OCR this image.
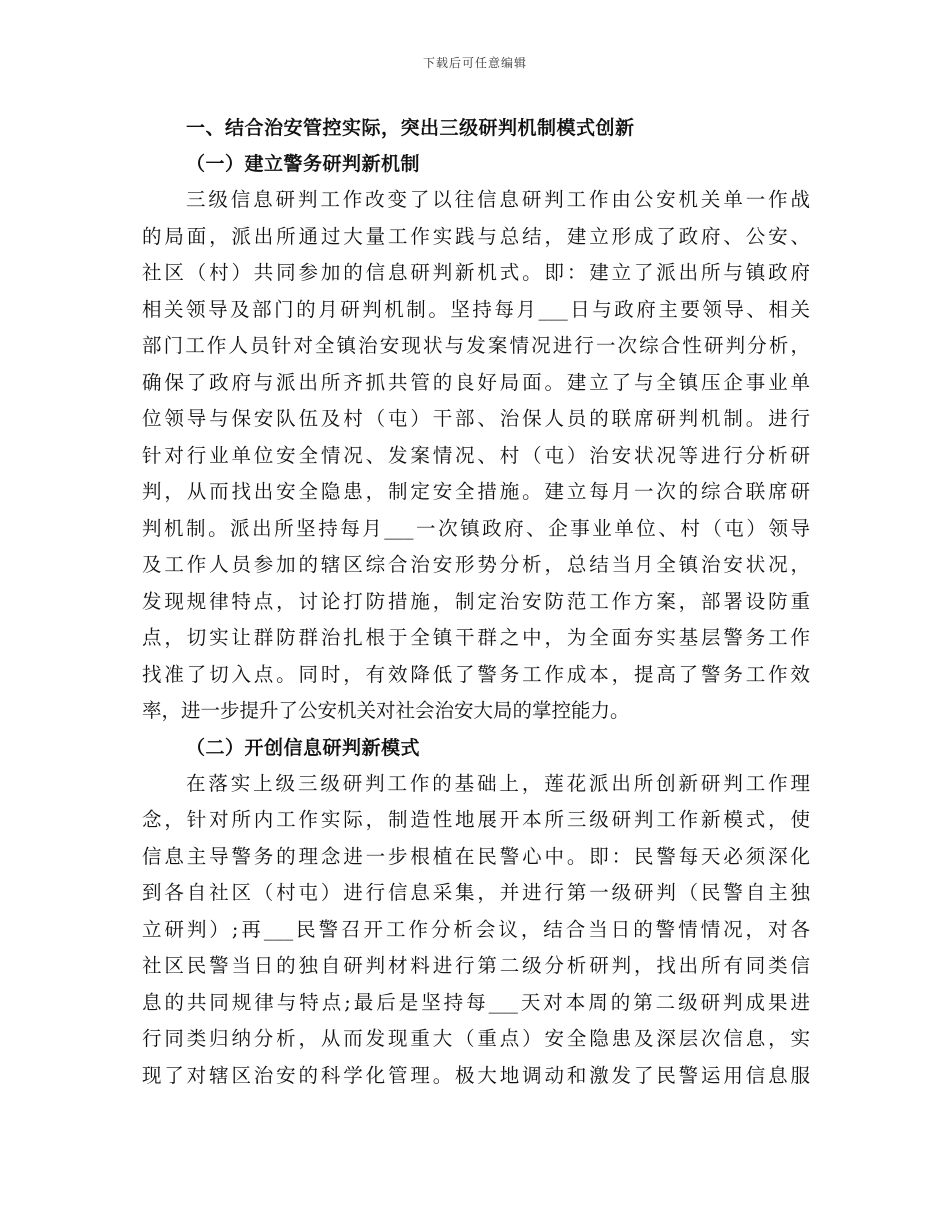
下载后可任意编辑
一、结合治安管控实际，突出三级研判机制模式创新
（一）建立警务研判新机制
三级信息研判工作改变了以往信息研判工作由公安机关单一作战
的局面，派出所通过大量工作实践与总结，建立形成了政府、公安、
社区（村）共同参加的信息研判新机式。即：建立了派出所与镇政府
相关领导及部门的月研判机制。坚持每月___日与政府主要领导、相关
部门工作人员针对全镇治安现状与发案情况进行一次综合性研判分析，
确保了政府与派出所齐抓共管的良好局面。建立了与全镇压企事业单
位领导与保安队伍及村（屯）干部、治保人员的联席研判机制。进行
针对行业单位安全情况、发案情况、村（屯）治安状况等进行分析研
判，从而找出安全隐患，制定安全措施。建立每月一次的综合联席研
判机制。派出所坚持每月___一次镇政府、企事业单位、村（屯）领导
及工作人员参加的辖区综合治安形势分析，总结当月全镇治安状况，
发现规律特点，讨论打防措施，制定治安防范工作方案，部署设防重
点，切实让群防群治扎根于全镇干群之中，为全面夯实基层警务工作
找准了切入点。同时，有效降低了警务工作成本，提高了警务工作效
率，进一步提升了公安机关对社会治安大局的掌控能力。
（二）开创信息研判新模式
在落实上级三级研判工作的基础上，莲花派出所创新研判工作理
念，针对所内工作实际，制造性地展开本所三级研判工作新模式，使
信息主导警务的理念进一步根植在民警心中。即：民警每天必须深化
到各自社区（村屯）进行信息采集，并进行第一级研判（民警自主独
立研判）;再___民警召开工作分析会议，结合当日的警情情况，对各
社区民警当日的独自研判材料进行第二级分析研判，找出所有同类信
息的共同规律与特点;最后是坚持每___天对本周的第二级研判成果进
行同类归纳分析，从而发现重大（重点）安全隐患及深层次信息，实
现了对辖区治安的科学化管理。极大地调动和激发了民警运用信息服
